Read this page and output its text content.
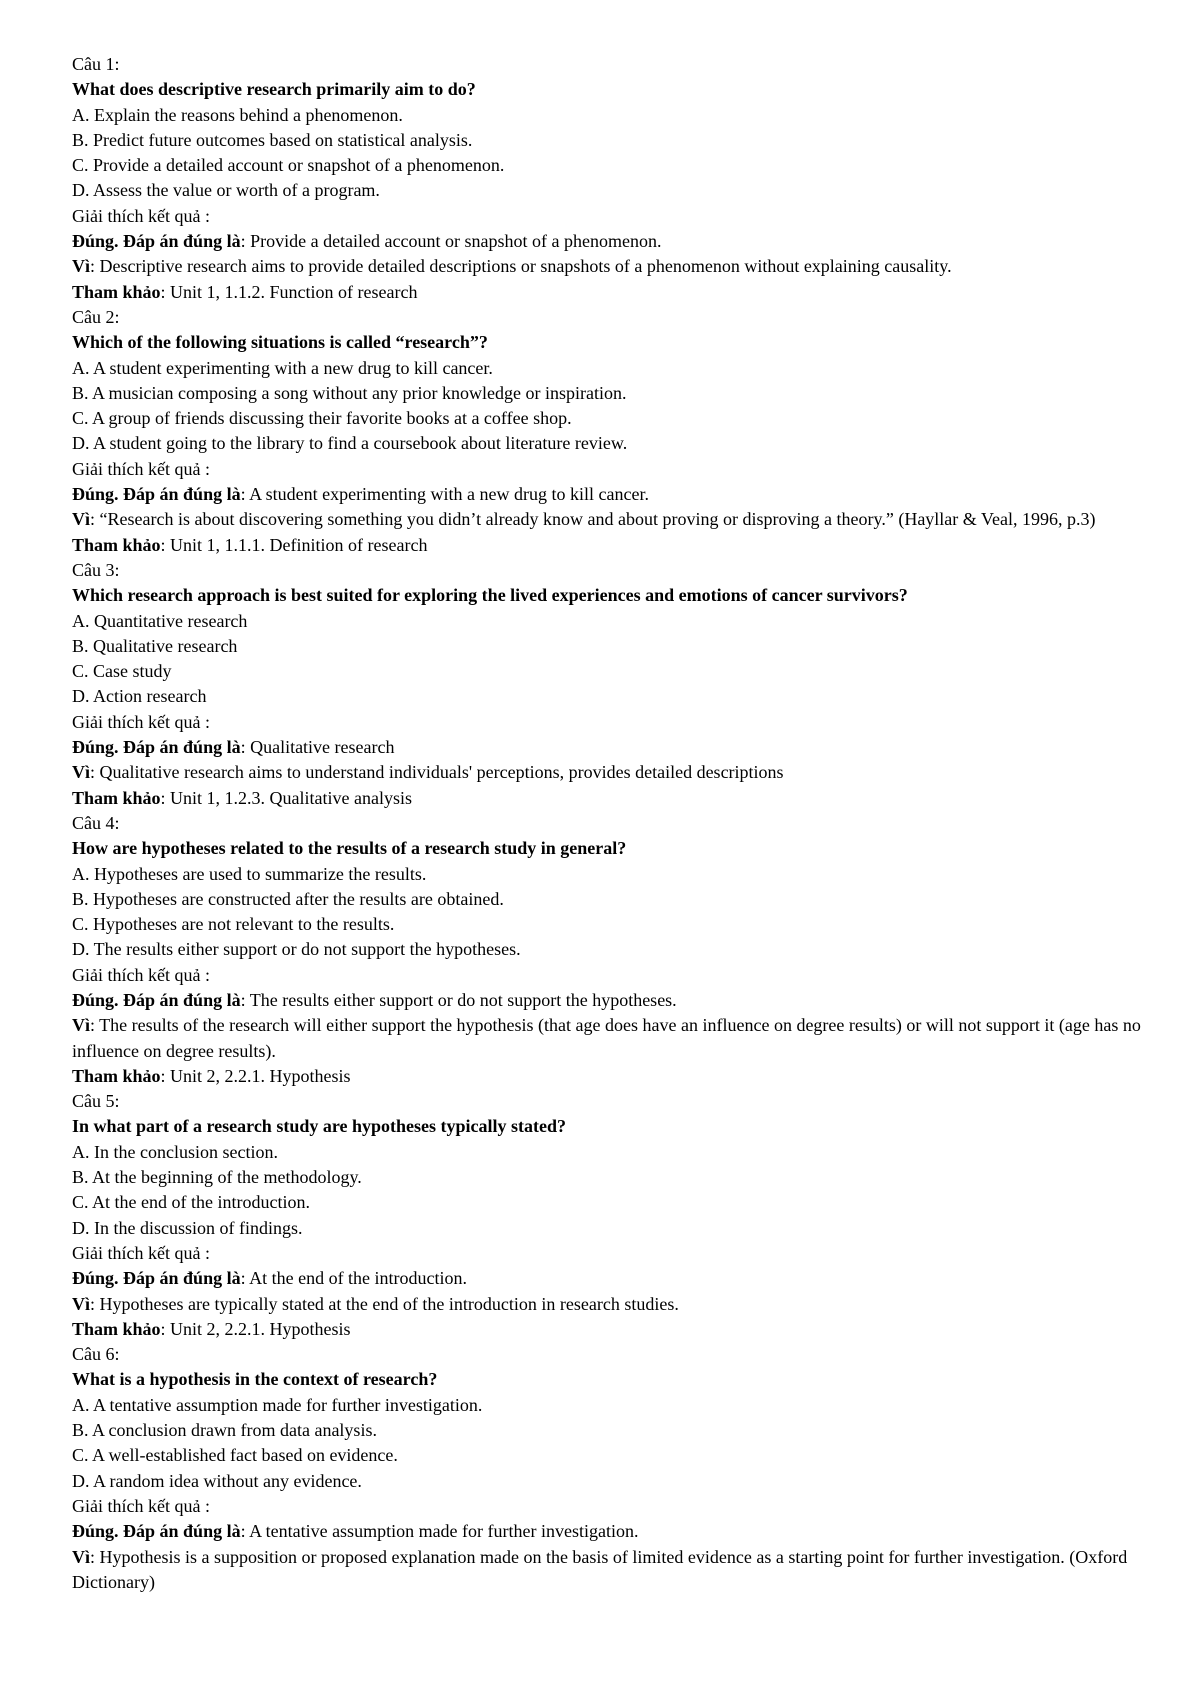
Câu 1:

What does descriptive research primarily aim to do?

A. Explain the reasons behind a phenomenon.

B. Predict future outcomes based on statistical analysis.

C. Provide a detailed account or snapshot of a phenomenon.

D. Assess the value or worth of a program.

Giải thích kết quả :

Đúng. Đáp án đúng là: Provide a detailed account or snapshot of a phenomenon.

Vì: Descriptive research aims to provide detailed descriptions or snapshots of a phenomenon without explaining causality.

Tham khảo: Unit 1, 1.1.2. Function of research

Câu 2:

Which of the following situations is called “research”?

A. A student experimenting with a new drug to kill cancer.

B. A musician composing a song without any prior knowledge or inspiration.

C. A group of friends discussing their favorite books at a coffee shop.

D. A student going to the library to find a coursebook about literature review.

Giải thích kết quả :

Đúng. Đáp án đúng là: A student experimenting with a new drug to kill cancer.

Vì: “Research is about discovering something you didn’t already know and about proving or disproving a theory.” (Hayllar & Veal, 1996, p.3)

Tham khảo: Unit 1, 1.1.1. Definition of research

Câu 3:

Which research approach is best suited for exploring the lived experiences and emotions of cancer survivors?

A. Quantitative research

B. Qualitative research

C. Case study

D. Action research

Giải thích kết quả :

Đúng. Đáp án đúng là: Qualitative research

Vì: Qualitative research aims to understand individuals' perceptions, provides detailed descriptions

Tham khảo: Unit 1, 1.2.3. Qualitative analysis

Câu 4:

How are hypotheses related to the results of a research study in general?

A. Hypotheses are used to summarize the results.

B. Hypotheses are constructed after the results are obtained.

C. Hypotheses are not relevant to the results.

D. The results either support or do not support the hypotheses.

Giải thích kết quả :

Đúng. Đáp án đúng là: The results either support or do not support the hypotheses.

Vì: The results of the research will either support the hypothesis (that age does have an influence on degree results) or will not support it (age has no influence on degree results).

Tham khảo: Unit 2, 2.2.1. Hypothesis

Câu 5:

In what part of a research study are hypotheses typically stated?

A. In the conclusion section.

B. At the beginning of the methodology.

C. At the end of the introduction.

D. In the discussion of findings.

Giải thích kết quả :

Đúng. Đáp án đúng là: At the end of the introduction.

Vì: Hypotheses are typically stated at the end of the introduction in research studies.

Tham khảo: Unit 2, 2.2.1. Hypothesis

Câu 6:

What is a hypothesis in the context of research?

A. A tentative assumption made for further investigation.

B. A conclusion drawn from data analysis.

C. A well-established fact based on evidence.

D. A random idea without any evidence.

Giải thích kết quả :

Đúng. Đáp án đúng là: A tentative assumption made for further investigation.

Vì: Hypothesis is a supposition or proposed explanation made on the basis of limited evidence as a starting point for further investigation. (Oxford Dictionary)
